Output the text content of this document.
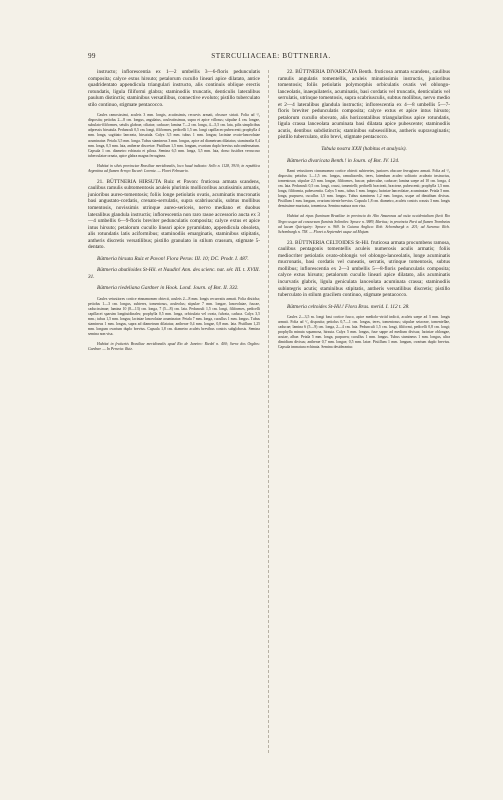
99	STERCULIACEAE: BÜTTNERIA.

instructo; inflorescentia ex 1—2 umbellis 3—6-floris pedunculatis composita; calyce extus hirsuto; petalorum cucullo lineari apice dilatato, antice quadridentato appendicula triangulari instructo, alis continuis oblique erectis rotundatis, ligula filiformi glabra; staminodiis truncatis, denticulis lateralibus paulum distinctis; staminibus versatilibus, connective evoluto; pistillo tuberculato stilo continuo, stigmate pentacocco.

Caules ramosissimi, aculeis 3 mm. longis, acutissimis, recurvis armati, obscure striati. Folia ad ²/₃ disposita; petiolus 2—8 cm. longus, angulatus, aculeatissimus, supra et apice villosus; stipulae 4 cm. longae, subulato-filiformes, setulis glabrae, ciliatae, caducae; lamina 7—2 cm. longa, 4—5,5 cm. lata, pilis simplicibus adpressis hirsutula. Pedunculi 0,5 cm. longi, filiformes, pedicelli 1,5 cm. longi capillaceo pubescenti; prophylla 4 mm. longa, sagittato lanceata, hirsutula. Calyx 3,5 mm. tubus 1 mm. longus; laciniae ovato-lanceolatae acuminatae. Petala 3,5 mm. longa. Tubus stamineus 3 mm. longus, apice ad diametrum dilatatus; staminodia 0,4 mm. longa, 0,5 mm. lata, antherae discretae. Pistillum 1,5 mm. longum, ovarium duplo brevius subcondensatum. Capsula 1 cm. diametro echinata et pilosa. Semina 6,5 mm. longa, 3,5 mm. lata, dorso fusidiva verrucoso tuberculatae ornata, apice glabra magna ferruginea.

Habitat in silvis provinciae Brasiliae meridionalis, loco haud indicato: Sello n. 1128, 3910; in republica Argentina ad flumen Arroyo Yacaré: Lorentz. — Floret Februario.

21. BÜTTNERIA HIRSUTA Ruiz et Pavon: fruticosa armata scandens, caulibus ramulis subtomentosis aculeis plurimis mollicoribus acutissimis armatis, junioribus aureo-tomentosis; foliis longe petiolatis ovatis, acuminatis mucronatis basi angustato-cordatis, crenato-serrulatis, supra scabriusculis, subtus mollibus tomentosis, novissimis utrinque aureo-sericeis, nervo mediano et duobus lateralibus glandula instructis; inflorescentia non raro rasoe accessorio aucta ex 3—4 umbellis 6—9-floris breviter pedunculatis composita; calyce extus et apice intus hirsuto; petalorum cucullo lineari apice pyramidato, appendicula obsoleta, alis rotundatis latis aciformibus; staminodiis emarginatis, staminibus stipitatis, antheris discretis versatilibus; pistillo granulato in stilum crassum, stigmate 5-dentato.

Büttneria hirsuta Ruiz et Pavon! Flora Peruv. III. 10; DC. Prodr. I. 487.

Büttneria abutiloides St-Hil. et Naudin! Ann. des scienc. nat. sér. III. t. XVIII. 31.

Büttneria riedeliana Gardner in Hook. Lond. Journ. of Bot. II. 332.

Caules vetustiores cortice einnamomeo obtecti, aculeis 2—8 mm. longis recurvatis armati. Folia disticha; petiolus 1—3 cm. longus, subteres, tomentosus, aculeolus; stipulae 7 mm. longae, lanceolatae, fuscae, caducissimae; lamina 10 (8—13) cm. longa, 7 (5—8) cm. lata. Pedunculi 1,5 cm. longi, filiformes, pedicelli capillacei sparsim longituidinales; prophylla 0,5 mm. longa, orbiculata vel ovata, fulvata, caduca. Calyx 3,5 mm.; tubus 1,5 mm. longus; laciniae lanceolatae acuminatae. Petala 7 mm. longa, cucullus 1 mm. longus. Tubus stamineus 1 mm. longus, supra ad diametrum dilatatus; antherae 0,4 mm. longae, 0,8 mm. lata. Pistillum 1,25 mm. longum ovarium duplo brevius. Capsula 1,8 cm. diametro aculeis brevibus conicis subglobosis. Semina semina non visa.

Habitat in fruticetis Brasiliae meridionalis apud Rio de Janeiro: Riedel n. 400; Serra dos Orgãos: Gardner. — In Peruvia: Ruiz.

22. BÜTTNERIA DIVARICATA Benth. fruticosa armata scandens, caulibus ramulis angulatis tomentellis, aculeis minutissimis instructis, junioribus tomentosis; foliis petiolatis polymorphis orbiculatis ovatis vel oblongo-lanceolatis, inaequilateris, acuminatis, basi cordatis vel truncatis, denticulatis vel serrulatis, utrinque tomentosis, supra scabriusculis, subtus mollibus, nervo medio et 2—4 lateralibus glandula instructis; inflorescentia ex 4—8 umbellis 5—7-floris breviter pedunculatis composita; calyce extus et apice intus hirsuto; petalorum cucullo obovato, alis horizontalibus triangularibus apice rotundatis, ligula crassa lanceolata acuminata basi dilatata apice pubescente; staminodiis acutis, dentibus subdistinctis; staminibus subsessilibus, antheris supravaginatis; pistillo tuberculato, stilo brevi, stigmate pentacocco.

Tabula nostra XXII (habitus et analysis).

Büttneria divaricata Benth.! in Journ. of Bot. IV. 124.

Rami vetustiores cinnamomeo cortice obtecti subteretes, juniores obscure ferrugineo armati. Folia ad ²/₃ disposita; petiolus 1—1,5 cm. longus, ramuliacedis, teres, latendum aculeo solitario aculeato instructus, tomentosus; stipulae 2,5 mm. longae, filiformes, fuscae, pubeculae, caducae; lamina saepe ad 10 cm. longa, 4 cm. lata. Pedunculi 0,5 cm. longi, crassi, tomentelli; pedicelli bracteati, bracteae, pubescenti; prophylla 1,5 mm. longa, filiformia, pubescentia. Calyx 5 mm., tubus 1 mm. longus; laciniae lanceolatae, acuminatae. Petala 5 mm. longa, purpurea, cucullus 1,5 mm. longus. Tubus stamineus 1,2 mm. longus, usque ad dimidium divisus. Pistillum 1 mm. longum, ovarium triente brevius. Capsula 1,8 cm. diametro, aculeis conicis crassis 3 mm. longis densissime muricata, tomentosa. Semina matura non visa.

Habitat ad ripas fluminum Brasiliae in provincia do Alto Amazonas ad ostia occidentalium fluvii Rio Negro usque ad concursum fluminis Solimões: Spruce n. 3889, Martius; in provincia Pará ad flumen Trombetas ad lacum Quiriquiry: Spruce n. 969. In Guiana Anglica: Rob. Schomburgk n. 201; ad Surumu: Rich. Schomburgk n. 758. — Floret a Septembri usque ad Majum.

23. BÜTTNERIA CELTOIDES St-Hil. fruticosa armata procumbens ramosa, caulibus pentagonis tomentellis aculeis numerosis aculis armatis; foliis mediocriter petiolatis ovato-oblongis vel oblongo-lanceolatis, longe acuminatis mucronatis, basi cordatis vel cuneatis, serratis, utrinque tomentosis, subtus mollibus; inflorescentia ex 2—3 umbellis 5—8-floris pedunculatis composita; calyce extus hirsuto; petalorum cucullo lineari apice dilatato, alis acuminatis incurvatis glabris, ligula geniculata lanceolata acuminata crassa; staminodiis subintegris acutis; staminibus stipitatis, antheris versatilibus discretis; pistillo tuberculato in stilum gracilem continuo, stigmate pentacocco.

Büttneria celtoides St-Hil.! Flora Bras. merid. I. 112 t. 28.

Caules 2—3,5 m. longi basi cortice fusco, apice mediolo-virtid indicti, aculeis saepe ad 3 mm. longis armati. Folia ad ²/₃ disposita; petiolus 0,7—1 cm. longus, teres, tomentosus; stipulae setaceae, tomentellae, caducae; lamina 6 (5—9) cm. longa, 2—4 cm. lata. Pedunculi 1,5 cm. longi, filiformi, pedicelli 0,8 cm. longi; prophylla minuta squamosa, hirsuta. Calyx 5 mm. longus, fuse sappe ad medium divisus; laciniae oblongae, acutae, albae. Petala 5 mm. longa, purpurea; cucullus 1 mm. longus. Tubus stamineus 1 mm. longus, ultra dimidium divisus; antherae 0,7 mm. longae, 0,5 mm. latae. Pistillum 1 mm. longum, ovarium duplo brevius. Capsula immatura echinata. Semina desiderantur.
